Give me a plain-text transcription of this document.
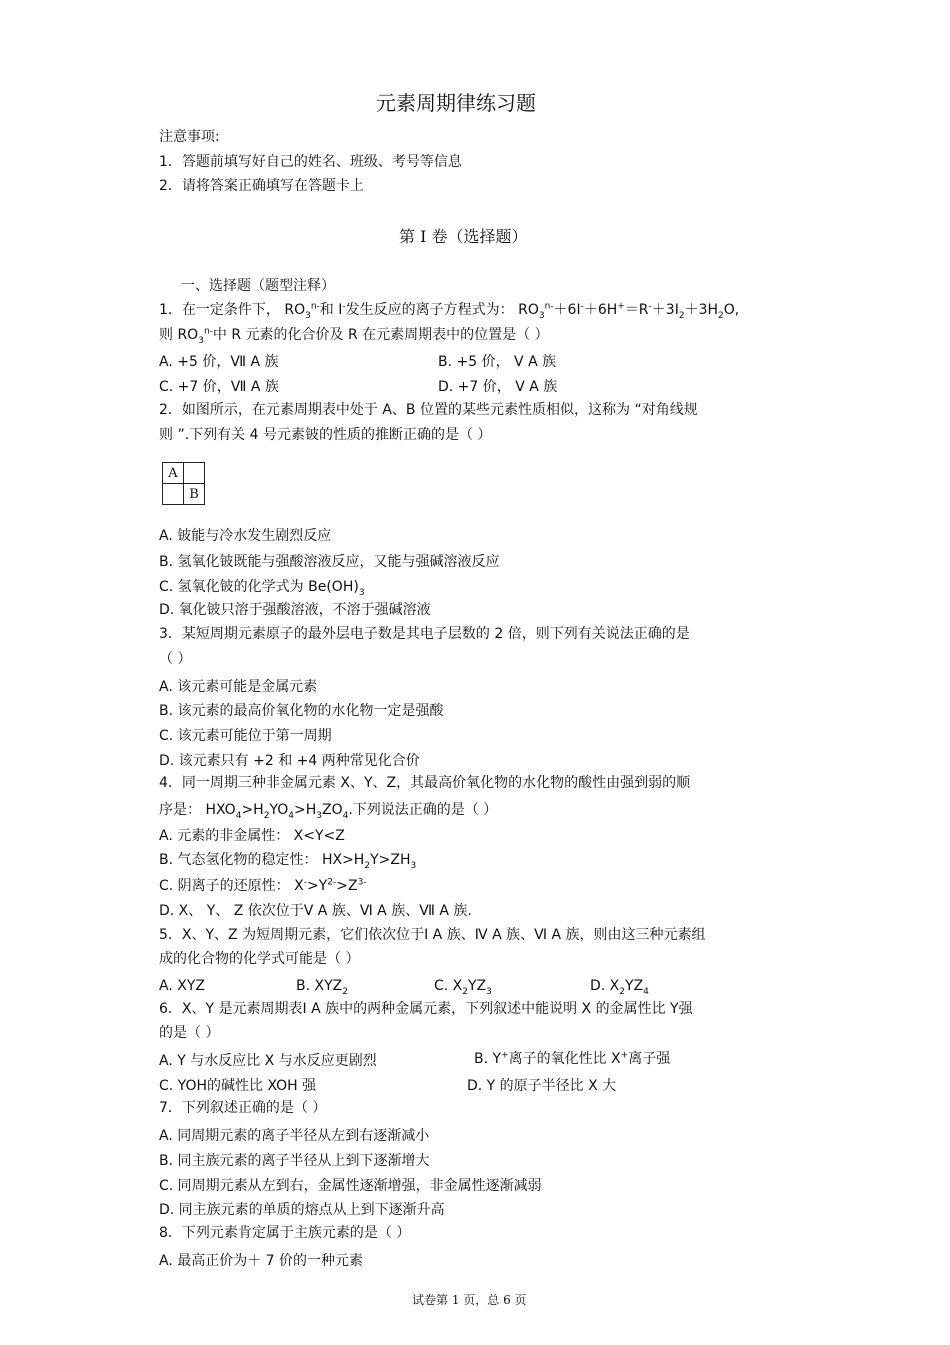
元素周期律练习题
注意事项:
1．答题前填写好自己的姓名、班级、考号等信息
2．请将答案正确填写在答题卡上
第 I 卷（选择题）
一、选择题（题型注释）
1．在一定条件下， $RO_3^{n-}$和 I-发生反应的离子方程式为： $RO_3^{n-}+6I^-+6H^+=R^-+3I_2+3H_2O$,
则 $RO_3^{n-}$中 R 元素的化合价及 R 在元素周期表中的位置是（ ）
A. +5 价，Ⅶ A 族	B. +5 价， Ⅴ A 族
C. +7 价，Ⅶ A 族	D. +7 价， Ⅴ A 族
2．如图所示，在元素周期表中处于 A、B 位置的某些元素性质相似，这称为 “对角线规
则 ”.下列有关 4 号元素铍的性质的推断正确的是（ ）
A	
	B
A. 铍能与冷水发生剧烈反应
B. 氢氧化铍既能与强酸溶液反应，又能与强碱溶液反应
C. 氢氧化铍的化学式为 $Be(OH)_3$
D. 氧化铍只溶于强酸溶液，不溶于强碱溶液
3．某短周期元素原子的最外层电子数是其电子层数的 2 倍，则下列有关说法正确的是
（ ）
A. 该元素可能是金属元素
B. 该元素的最高价氧化物的水化物一定是强酸
C. 该元素可能位于第一周期
D. 该元素只有 +2 和 +4 两种常见化合价
4．同一周期三种非金属元素 X、Y、Z，其最高价氧化物的水化物的酸性由强到弱的顺
序是： $HXO_4>H_2YO_4>H_3ZO_4$.下列说法正确的是（ ）
A. 元素的非金属性： X<Y<Z
B. 气态氢化物的稳定性： $HX>H_2Y>ZH_3$
C. 阴离子的还原性： $X^->Y^{2-}>Z^{3-}$
D. X、 Y、 Z 依次位于Ⅴ A 族、Ⅵ A 族、Ⅶ A 族.
5．X、Y、Z 为短周期元素，它们依次位于Ⅰ A 族、Ⅳ A 族、Ⅵ A 族，则由这三种元素组
成的化合物的化学式可能是（ ）
A. XYZ	B. $XYZ_2$	C. $X_2YZ_3$	D. $X_2YZ_4$
6．X、Y 是元素周期表Ⅰ A 族中的两种金属元素，下列叙述中能说明 X 的金属性比 Y强
的是（ ）
A. Y 与水反应比 X 与水反应更剧烈	B. Y+离子的氧化性比 X+离子强
C. YOH的碱性比 XOH 强	D. Y 的原子半径比 X 大
7．下列叙述正确的是（ ）
A. 同周期元素的离子半径从左到右逐渐减小
B. 同主族元素的离子半径从上到下逐渐增大
C. 同周期元素从左到右，金属性逐渐增强，非金属性逐渐减弱
D. 同主族元素的单质的熔点从上到下逐渐升高
8．下列元素肯定属于主族元素的是（ ）
A. 最高正价为＋ 7 价的一种元素
试卷第 1 页，总 6 页
